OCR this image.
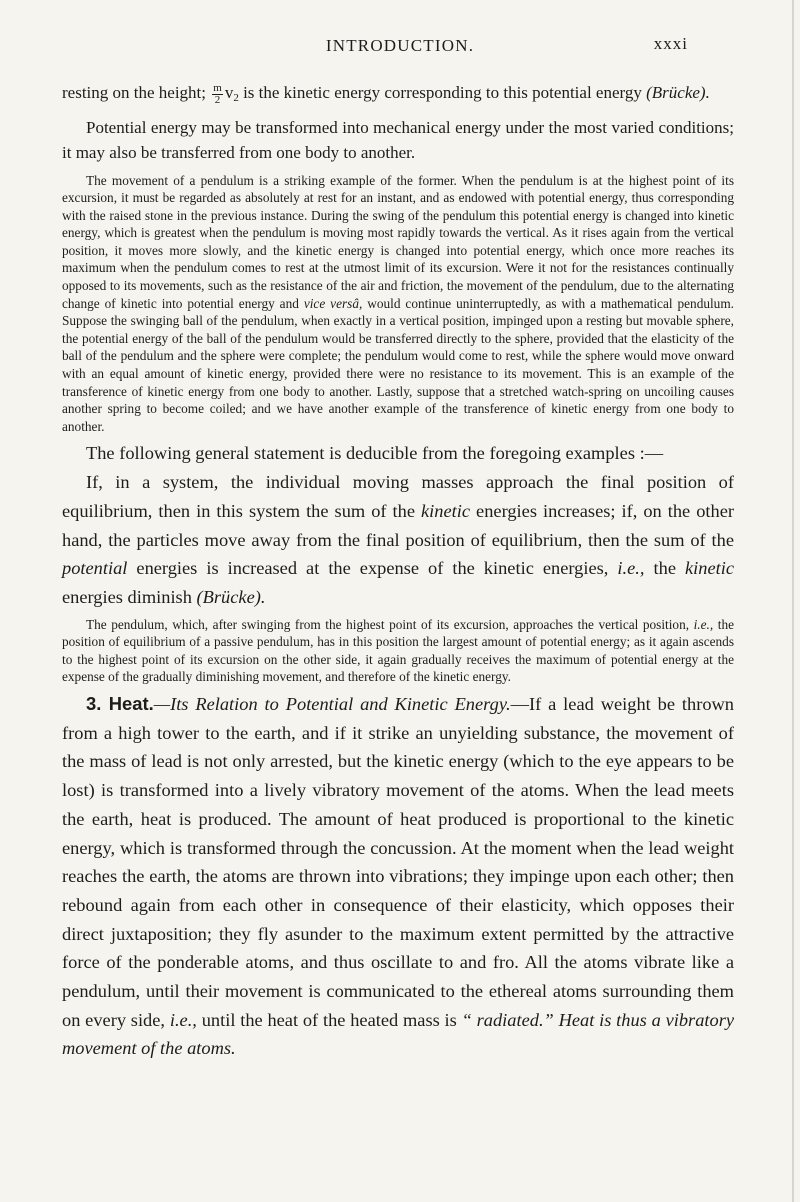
INTRODUCTION.	xxxi

resting on the height; $\frac{m}{2} v_2$ is the kinetic energy corresponding to this potential energy (Brücke).

Potential energy may be transformed into mechanical energy under the most varied conditions; it may also be transferred from one body to another.

The movement of a pendulum is a striking example of the former. When the pendulum is at the highest point of its excursion, it must be regarded as absolutely at rest for an instant, and as endowed with potential energy, thus corresponding with the raised stone in the previous instance. During the swing of the pendulum this potential energy is changed into kinetic energy, which is greatest when the pendulum is moving most rapidly towards the vertical. As it rises again from the vertical position, it moves more slowly, and the kinetic energy is changed into potential energy, which once more reaches its maximum when the pendulum comes to rest at the utmost limit of its excursion. Were it not for the resistances continually opposed to its movements, such as the resistance of the air and friction, the movement of the pendulum, due to the alternating change of kinetic into potential energy and vice versâ, would continue uninterruptedly, as with a mathematical pendulum. Suppose the swinging ball of the pendulum, when exactly in a vertical position, impinged upon a resting but movable sphere, the potential energy of the ball of the pendulum would be transferred directly to the sphere, provided that the elasticity of the ball of the pendulum and the sphere were complete; the pendulum would come to rest, while the sphere would move onward with an equal amount of kinetic energy, provided there were no resistance to its movement. This is an example of the transference of kinetic energy from one body to another. Lastly, suppose that a stretched watch-spring on uncoiling causes another spring to become coiled; and we have another example of the transference of kinetic energy from one body to another.

The following general statement is deducible from the foregoing examples :—

If, in a system, the individual moving masses approach the final position of equilibrium, then in this system the sum of the kinetic energies increases; if, on the other hand, the particles move away from the final position of equilibrium, then the sum of the potential energies is increased at the expense of the kinetic energies, i.e., the kinetic energies diminish (Brücke).

The pendulum, which, after swinging from the highest point of its excursion, approaches the vertical position, i.e., the position of equilibrium of a passive pendulum, has in this position the largest amount of potential energy; as it again ascends to the highest point of its excursion on the other side, it again gradually receives the maximum of potential energy at the expense of the gradually diminishing movement, and therefore of the kinetic energy.

3. Heat.—Its Relation to Potential and Kinetic Energy.—If a lead weight be thrown from a high tower to the earth, and if it strike an unyielding substance, the movement of the mass of lead is not only arrested, but the kinetic energy (which to the eye appears to be lost) is transformed into a lively vibratory movement of the atoms. When the lead meets the earth, heat is produced. The amount of heat produced is proportional to the kinetic energy, which is transformed through the concussion. At the moment when the lead weight reaches the earth, the atoms are thrown into vibrations; they impinge upon each other; then rebound again from each other in consequence of their elasticity, which opposes their direct juxtaposition; they fly asunder to the maximum extent permitted by the attractive force of the ponderable atoms, and thus oscillate to and fro. All the atoms vibrate like a pendulum, until their movement is communicated to the ethereal atoms surrounding them on every side, i.e., until the heat of the heated mass is “ radiated.” Heat is thus a vibratory movement of the atoms.
